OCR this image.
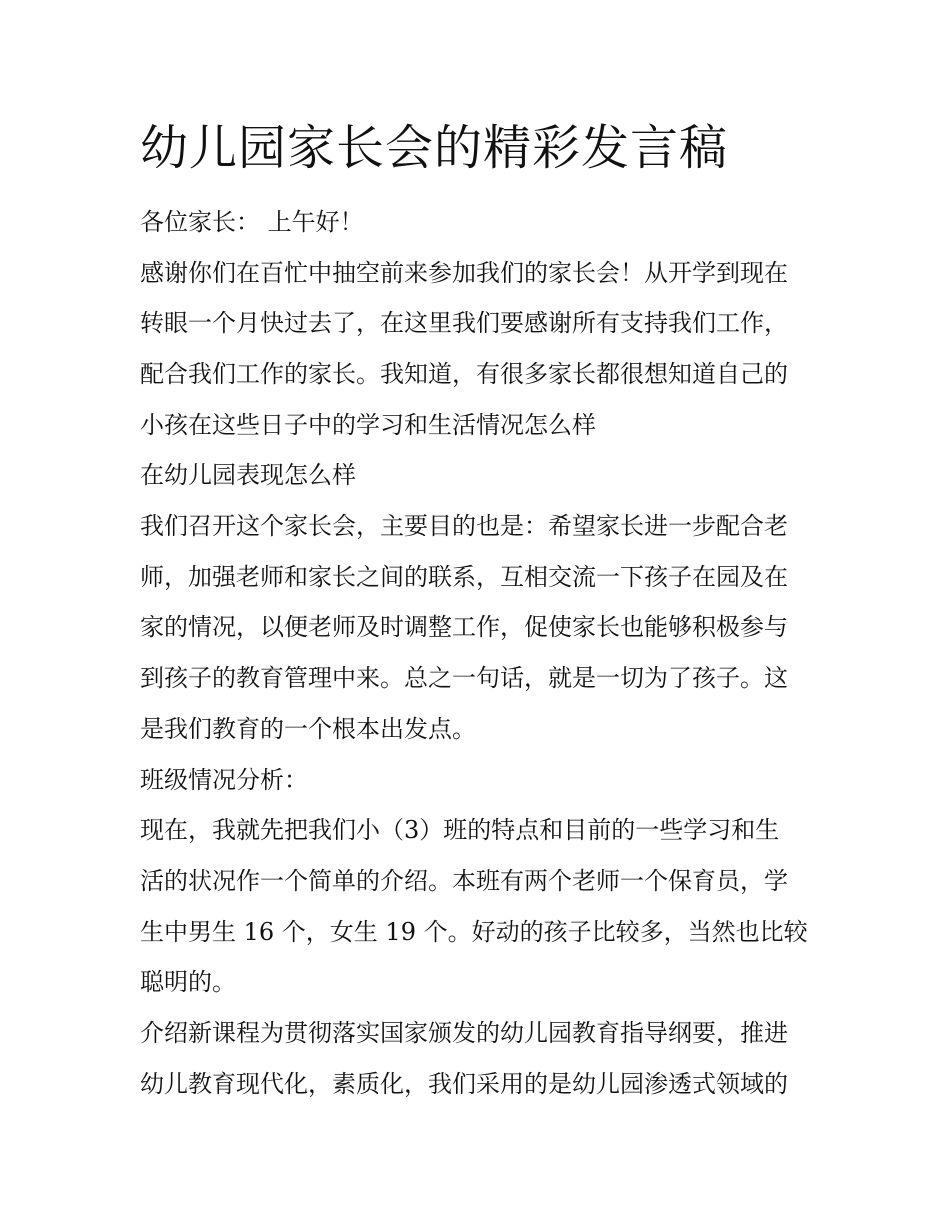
幼儿园家长会的精彩发言稿

各位家长： 上午好！

感谢你们在百忙中抽空前来参加我们的家长会！从开学到现在

转眼一个月快过去了，在这里我们要感谢所有支持我们工作，

配合我们工作的家长。我知道，有很多家长都很想知道自己的

小孩在这些日子中的学习和生活情况怎么样

在幼儿园表现怎么样

我们召开这个家长会，主要目的也是：希望家长进一步配合老

师，加强老师和家长之间的联系，互相交流一下孩子在园及在

家的情况，以便老师及时调整工作，促使家长也能够积极参与

到孩子的教育管理中来。总之一句话，就是一切为了孩子。这

是我们教育的一个根本出发点。

班级情况分析：

现在，我就先把我们小（3）班的特点和目前的一些学习和生

活的状况作一个简单的介绍。本班有两个老师一个保育员，学

生中男生 16 个，女生 19 个。好动的孩子比较多，当然也比较

聪明的。

介绍新课程为贯彻落实国家颁发的幼儿园教育指导纲要，推进

幼儿教育现代化，素质化，我们采用的是幼儿园渗透式领域的
